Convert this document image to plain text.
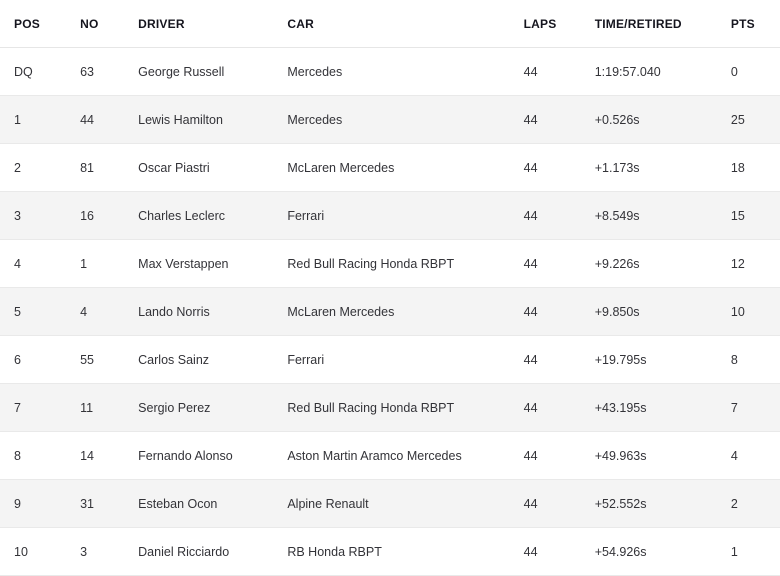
POS	NO	DRIVER	CAR	LAPS	TIME/RETIRED	PTS
DQ	63	George Russell	Mercedes	44	1:19:57.040	0
1	44	Lewis Hamilton	Mercedes	44	+0.526s	25
2	81	Oscar Piastri	McLaren Mercedes	44	+1.173s	18
3	16	Charles Leclerc	Ferrari	44	+8.549s	15
4	1	Max Verstappen	Red Bull Racing Honda RBPT	44	+9.226s	12
5	4	Lando Norris	McLaren Mercedes	44	+9.850s	10
6	55	Carlos Sainz	Ferrari	44	+19.795s	8
7	11	Sergio Perez	Red Bull Racing Honda RBPT	44	+43.195s	7
8	14	Fernando Alonso	Aston Martin Aramco Mercedes	44	+49.963s	4
9	31	Esteban Ocon	Alpine Renault	44	+52.552s	2
10	3	Daniel Ricciardo	RB Honda RBPT	44	+54.926s	1
